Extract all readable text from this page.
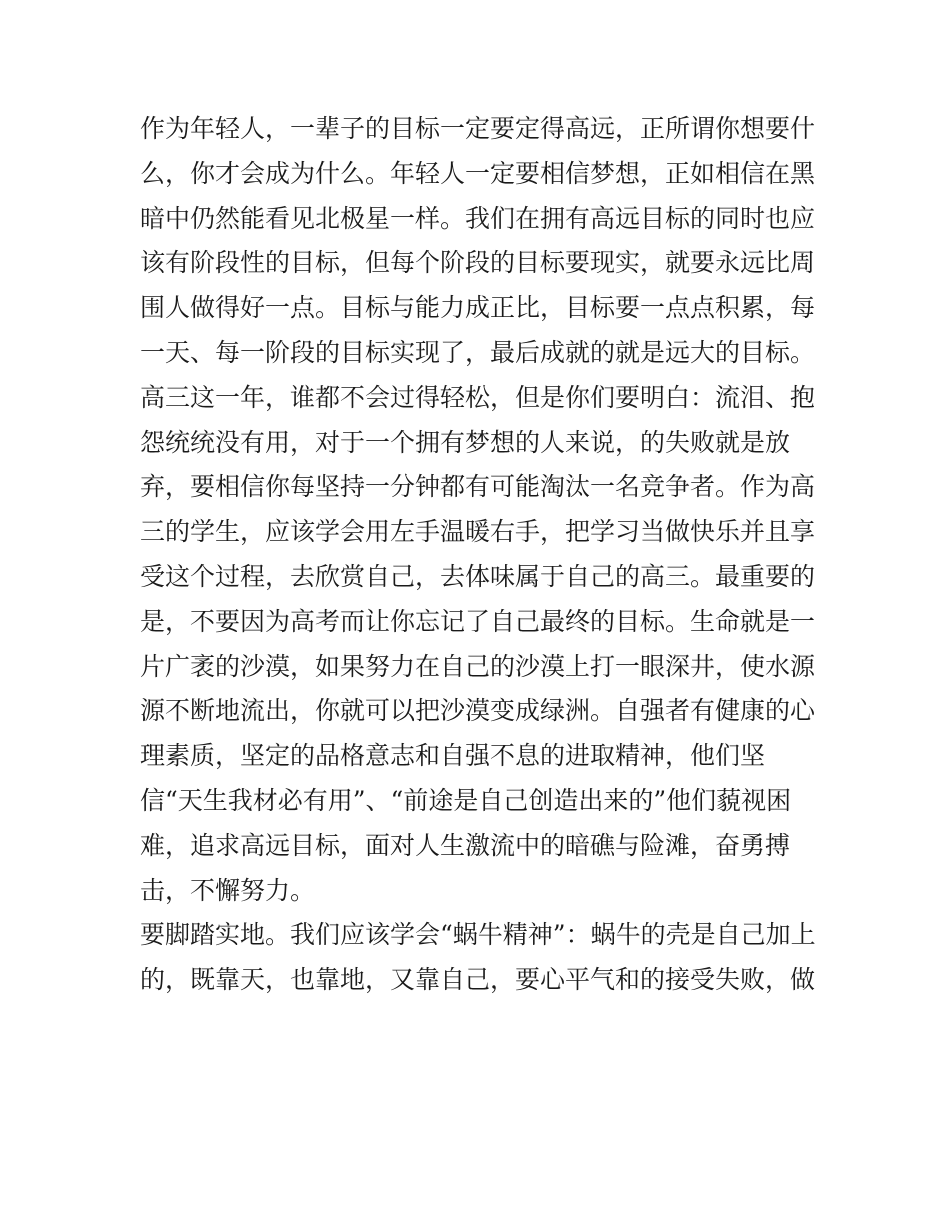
作为年轻人，一辈子的目标一定要定得高远，正所谓你想要什
么，你才会成为什么。年轻人一定要相信梦想，正如相信在黑
暗中仍然能看见北极星一样。我们在拥有高远目标的同时也应
该有阶段性的目标，但每个阶段的目标要现实，就要永远比周
围人做得好一点。目标与能力成正比，目标要一点点积累，每
一天、每一阶段的目标实现了，最后成就的就是远大的目标。
高三这一年，谁都不会过得轻松，但是你们要明白：流泪、抱
怨统统没有用，对于一个拥有梦想的人来说，的失败就是放
弃，要相信你每坚持一分钟都有可能淘汰一名竞争者。作为高
三的学生，应该学会用左手温暖右手，把学习当做快乐并且享
受这个过程，去欣赏自己，去体味属于自己的高三。最重要的
是，不要因为高考而让你忘记了自己最终的目标。生命就是一
片广袤的沙漠，如果努力在自己的沙漠上打一眼深井，使水源
源不断地流出，你就可以把沙漠变成绿洲。自强者有健康的心
理素质，坚定的品格意志和自强不息的进取精神，他们坚
信“天生我材必有用”、“前途是自己创造出来的”他们藐视困
难，追求高远目标，面对人生激流中的暗礁与险滩，奋勇搏
击，不懈努力。
要脚踏实地。我们应该学会“蜗牛精神”：蜗牛的壳是自己加上
的，既靠天，也靠地，又靠自己，要心平气和的接受失败，做
